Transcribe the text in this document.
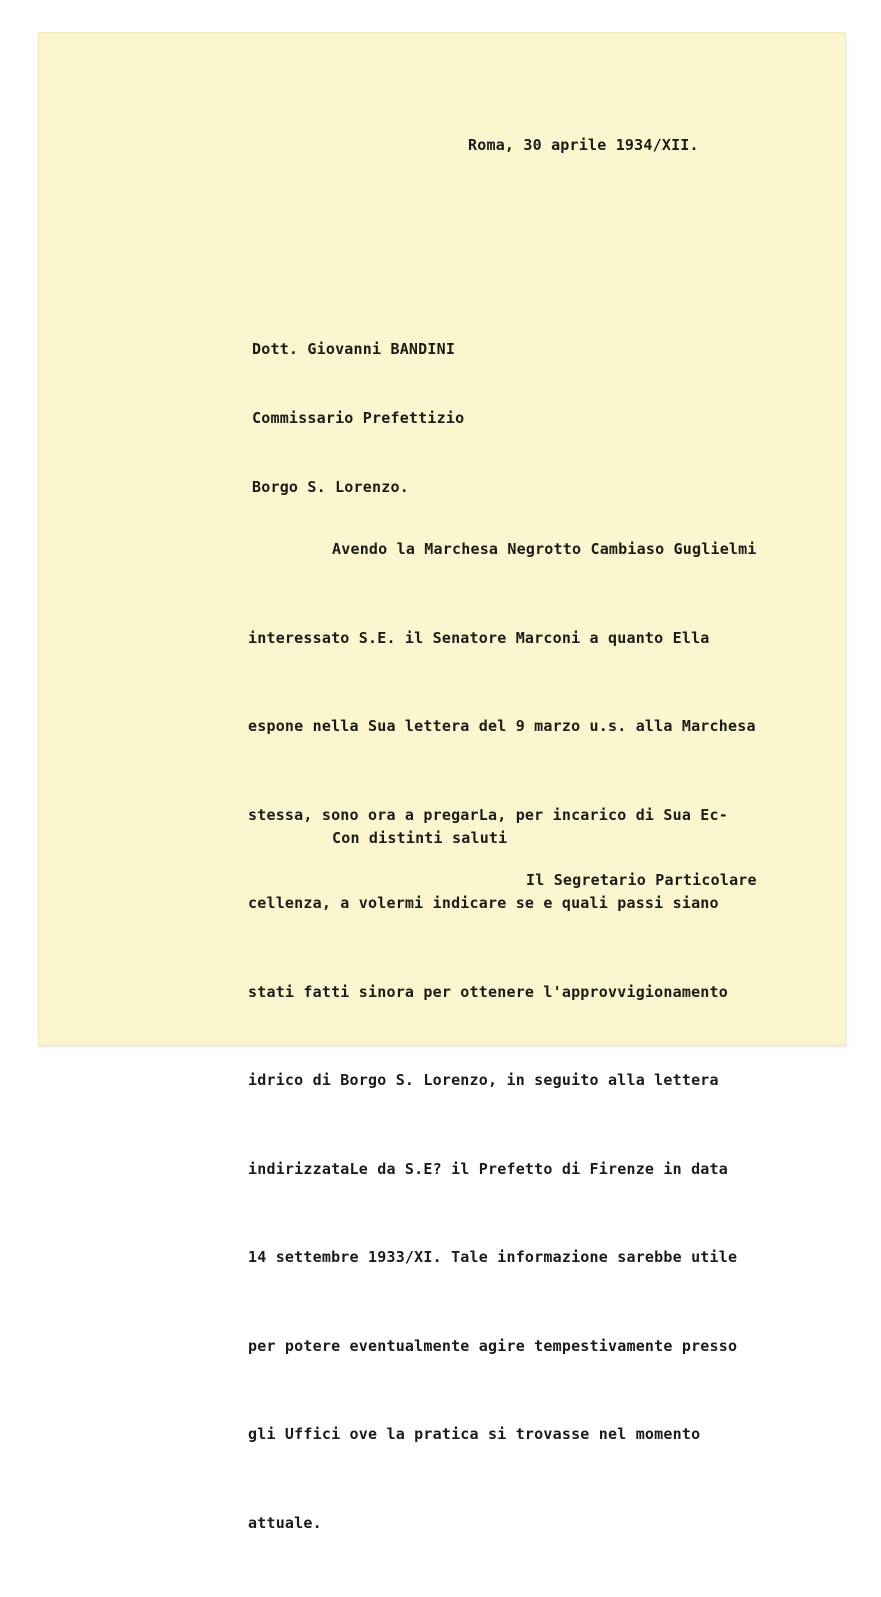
Roma, 30 aprile 1934/XII.

Dott. Giovanni BANDINI

Commissario Prefettizio

Borgo S. Lorenzo.

Avendo la Marchesa Negrotto Cambiaso Guglielmi

interessato S.E. il Senatore Marconi a quanto Ella

espone nella Sua lettera del 9 marzo u.s. alla Marchesa

stessa, sono ora a pregarLa, per incarico di Sua Ec-

cellenza, a volermi indicare se e quali passi siano

stati fatti sinora per ottenere l'approvvigionamento

idrico di Borgo S. Lorenzo, in seguito alla lettera

indirizzataLe da S.E? il Prefetto di Firenze in data

14 settembre 1933/XI. Tale informazione sarebbe utile

per potere eventualmente agire tempestivamente presso

gli Uffici ove la pratica si trovasse nel momento

attuale.

Con distinti saluti
Il Segretario Particolare
